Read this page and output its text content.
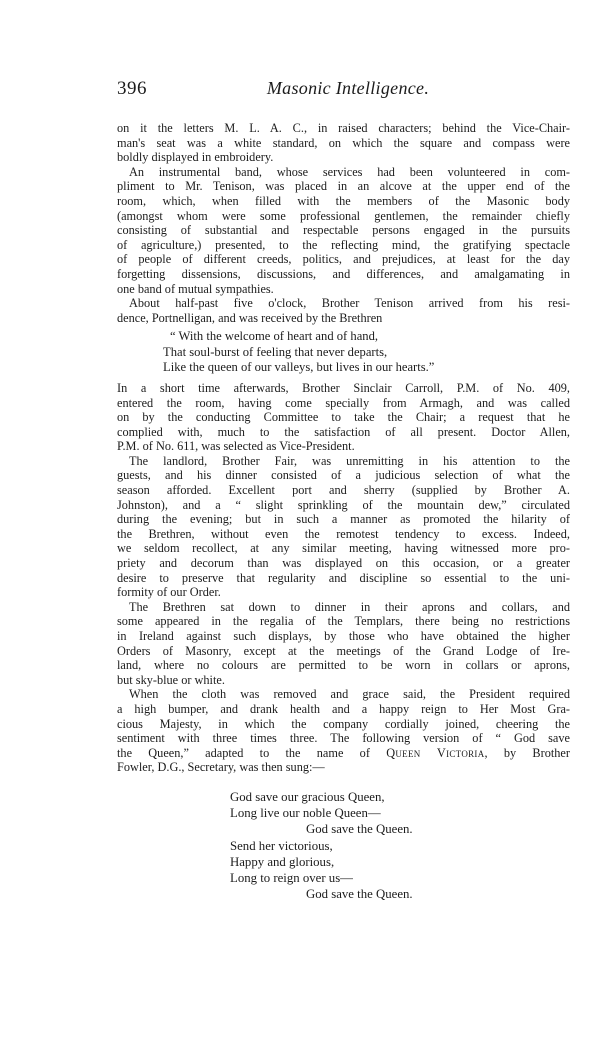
396	Masonic Intelligence.
on it the letters M. L. A. C., in raised characters; behind the Vice-Chair-
man's seat was a white standard, on which the square and compass were
boldly displayed in embroidery.
An instrumental band, whose services had been volunteered in com-
pliment to Mr. Tenison, was placed in an alcove at the upper end of the
room, which, when filled with the members of the Masonic body
(amongst whom were some professional gentlemen, the remainder chiefly
consisting of substantial and respectable persons engaged in the pursuits
of agriculture,) presented, to the reflecting mind, the gratifying spectacle
of people of different creeds, politics, and prejudices, at least for the day
forgetting dissensions, discussions, and differences, and amalgamating in
one band of mutual sympathies.
About half-past five o'clock, Brother Tenison arrived from his resi-
dence, Portnelligan, and was received by the Brethren
“ With the welcome of heart and of hand,
That soul-burst of feeling that never departs,
Like the queen of our valleys, but lives in our hearts.”
In a short time afterwards, Brother Sinclair Carroll, P.M. of No. 409,
entered the room, having come specially from Armagh, and was called
on by the conducting Committee to take the Chair; a request that he
complied with, much to the satisfaction of all present. Doctor Allen,
P.M. of No. 611, was selected as Vice-President.
The landlord, Brother Fair, was unremitting in his attention to the
guests, and his dinner consisted of a judicious selection of what the
season afforded. Excellent port and sherry (supplied by Brother A.
Johnston), and a “ slight sprinkling of the mountain dew,” circulated
during the evening; but in such a manner as promoted the hilarity of
the Brethren, without even the remotest tendency to excess. Indeed,
we seldom recollect, at any similar meeting, having witnessed more pro-
priety and decorum than was displayed on this occasion, or a greater
desire to preserve that regularity and discipline so essential to the uni-
formity of our Order.
The Brethren sat down to dinner in their aprons and collars, and
some appeared in the regalia of the Templars, there being no restrictions
in Ireland against such displays, by those who have obtained the higher
Orders of Masonry, except at the meetings of the Grand Lodge of Ire-
land, where no colours are permitted to be worn in collars or aprons,
but sky-blue or white.
When the cloth was removed and grace said, the President required
a high bumper, and drank health and a happy reign to Her Most Gra-
cious Majesty, in which the company cordially joined, cheering the
sentiment with three times three. The following version of “ God save
the Queen,” adapted to the name of Queen Victoria, by Brother
Fowler, D.G., Secretary, was then sung:—
God save our gracious Queen,
Long live our noble Queen—
God save the Queen.
Send her victorious,
Happy and glorious,
Long to reign over us—
God save the Queen.
